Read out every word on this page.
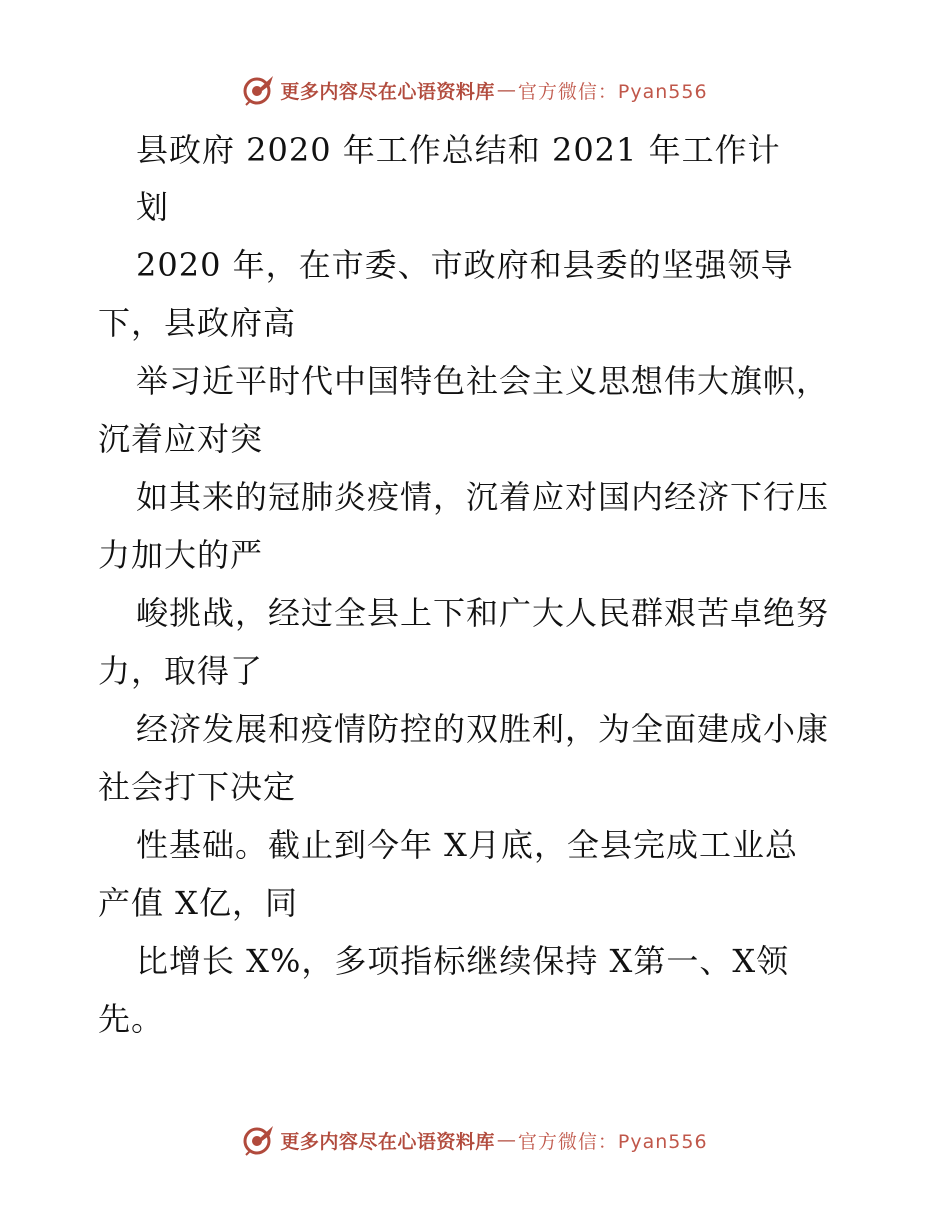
更多内容尽在心语资料库 — 官方微信：Pyan556
县政府 2020 年工作总结和 2021 年工作计
划
2020 年，在市委、市政府和县委的坚强领导
下，县政府高
举习近平时代中国特色社会主义思想伟大旗帜，
沉着应对突
如其来的冠肺炎疫情，沉着应对国内经济下行压
力加大的严
峻挑战，经过全县上下和广大人民群艰苦卓绝努
力，取得了
经济发展和疫情防控的双胜利，为全面建成小康
社会打下决定
性基础。截止到今年 X月底，全县完成工业总
产值 X亿，同
比增长 X%，多项指标继续保持 X第一、X领
先。
更多内容尽在心语资料库 — 官方微信：Pyan556
